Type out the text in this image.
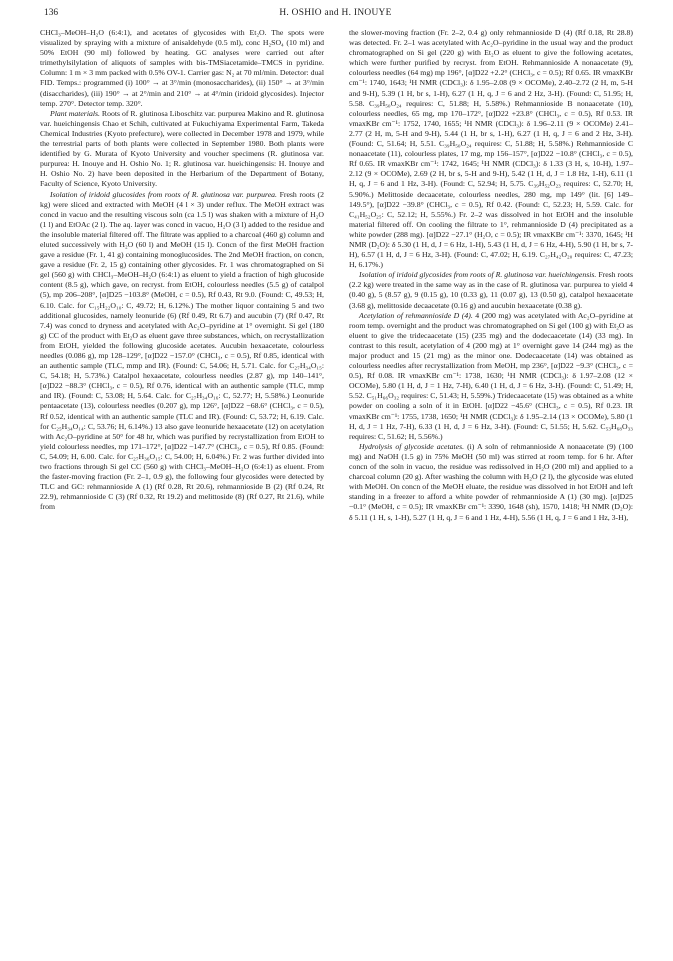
136	H. OSHIO and H. INOUYE

CHCl₃–MeOH–H₂O (6:4:1), and acetates of glycosides with Et₂O. The spots were visualized by spraying with a mixture of anisaldehyde (0.5 ml), conc H₂SO₄ (10 ml) and 50% EtOH (90 ml) followed by heating. GC analyses were carried out after trimethylsilylation of aliquots of samples with bis-TMSiacetamide–TMCS in pyridine. Column: 1 m × 3 mm packed with 0.5% OV-1. Carrier gas: N₂ at 70 ml/min. Detector: dual FID. Temps.: programmed (i) 100° → at 3°/min (monosaccharides), (ii) 150° → at 3°/min (disaccharides), (iii) 190° → at 2°/min and 210° → at 4°/min (iridoid glycosides). Injector temp. 270°. Detector temp. 320°.

Plant materials. Roots of R. glutinosa Liboschitz var. purpurea Makino and R. glutinosa var. hueichingensis Chao et Schih, cultivated at Fukuchiyama Experimental Farm, Takeda Chemical Industries (Kyoto prefecture), were collected in December 1978 and 1979, while the terrestrial parts of both plants were collected in September 1980. Both plants were identified by G. Murata of Kyoto University and voucher specimens (R. glutinosa var. purpurea: H. Inouye and H. Oshio No. 1; R. glutinosa var. hueichingensis: H. Inouye and H. Oshio No. 2) have been deposited in the Herbarium of the Department of Botany, Faculty of Science, Kyoto University.

Isolation of iridoid glucosides from roots of R. glutinosa var. purpurea. Fresh roots (2 kg) were sliced and extracted with MeOH (4 l × 3) under reflux. The MeOH extract was concd in vacuo and the resulting viscous soln (ca 1.5 l) was shaken with a mixture of H₂O (1 l) and EtOAc (2 l). The aq. layer was concd in vacuo, H₂O (3 l) added to the residue and the insoluble material filtered off. The filtrate was applied to a charcoal (460 g) column and eluted successively with H₂O (60 l) and MeOH (15 l). Concn of the first MeOH fraction gave a residue (Fr. 1, 41 g) containing monoglucosides. The 2nd MeOH fraction, on concn, gave a residue (Fr. 2, 15 g) containing other glycosides. Fr. 1 was chromatographed on Si gel (560 g) with CHCl₃–MeOH–H₂O (6:4:1) as eluent to yield a fraction of high glucoside content (8.5 g), which gave, on recryst. from EtOH, colourless needles (5.5 g) of catalpol (5), mp 206–208°, [α]D25 −103.8° (MeOH, c = 0.5), Rf 0.43, Rt 9.0. (Found: C, 49.53; H, 6.10. Calc. for C₁₅H₂₂O₁₀: C, 49.72; H, 6.12%.) The mother liquor containing 5 and two additional glucosides, namely leonuride (6) (Rf 0.49, Rt 6.7) and aucubin (7) (Rf 0.47, Rt 7.4) was concd to dryness and acetylated with Ac₂O–pyridine at 1° overnight. Si gel (180 g) CC of the product with Et₂O as eluent gave three substances, which, on recrystallization from EtOH, yielded the following glucoside acetates. Aucubin hexaacetate, colourless needles (0.086 g), mp 128–129°, [α]D22 −157.0° (CHCl₃, c = 0.5), Rf 0.85, identical with an authentic sample (TLC, mmp and IR). (Found: C, 54.06; H, 5.71. Calc. for C₂₇H₃₄O₁₅: C, 54.18; H, 5.73%.) Catalpol hexaacetate, colourless needles (2.87 g), mp 140–141°, [α]D22 −88.3° (CHCl₃, c = 0.5), Rf 0.76, identical with an authentic sample (TLC, mmp and IR). (Found: C, 53.08; H, 5.64. Calc. for C₂₇H₃₄O₁₆: C, 52.77; H, 5.58%.) Leonuride pentaacetate (13), colourless needles (0.207 g), mp 126°, [α]D22 −68.6° (CHCl₃, c = 0.5), Rf 0.52, identical with an authentic sample (TLC and IR). (Found: C, 53.72; H, 6.19. Calc. for C₂₅H₃₄O₁₄: C, 53.76; H, 6.14%.) 13 also gave leonuride hexaacetate (12) on acetylation with Ac₂O–pyridine at 50° for 48 hr, which was purified by recrystallization from EtOH to yield colourless needles, mp 171–172°, [α]D22 −147.7° (CHCl₃, c = 0.5), Rf 0.85. (Found: C, 54.09; H, 6.00. Calc. for C₂₇H₃₆O₁₅: C, 54.00; H, 6.04%.) Fr. 2 was further divided into two fractions through Si gel CC (560 g) with CHCl₃–MeOH–H₂O (6:4:1) as eluent. From the faster-moving fraction (Fr. 2–1, 0.9 g), the following four glycosides were detected by TLC and GC: rehmannioside A (1) (Rf 0.28, Rt 20.6), rehmannioside B (2) (Rf 0.24, Rt 22.9), rehmannioside C (3) (Rf 0.32, Rt 19.2) and melittoside (8) (Rf 0.27, Rt 21.6), while from

the slower-moving fraction (Fr. 2–2, 0.4 g) only rehmannioside D (4) (Rf 0.18, Rt 28.8) was detected. Fr. 2–1 was acetylated with Ac₂O–pyridine in the usual way and the product chromatographed on Si gel (220 g) with Et₂O as eluent to give the following acetates, which were further purified by recryst. from EtOH. Rehmannioside A nonaacetate (9), colourless needles (64 mg) mp 196°, [α]D22 +2.2° (CHCl₃, c = 0.5); Rf 0.65. IR νmaxKBr cm⁻¹: 1740, 1643; ¹H NMR (CDCl₃): δ 1.95–2.08 (9 × OCOMe), 2.40–2.72 (2 H, m, 5-H and 9-H), 5.39 (1 H, br s, 1-H), 6.27 (1 H, q, J = 6 and 2 Hz, 3-H). (Found: C, 51.95; H, 5.58. C₃₉H₅₀O₂₄ requires: C, 51.88; H, 5.58%.) Rehmannioside B nonaacetate (10), colourless needles, 65 mg, mp 170–172°, [α]D22 +23.8° (CHCl₃, c = 0.5), Rf 0.53. IR νmaxKBr cm⁻¹: 1752, 1740, 1655; ¹H NMR (CDCl₃): δ 1.96–2.11 (9 × OCOMe) 2.41–2.77 (2 H, m, 5-H and 9-H), 5.44 (1 H, br s, 1-H), 6.27 (1 H, q, J = 6 and 2 Hz, 3-H). (Found: C, 51.64; H, 5.51. C₃₉H₅₀O₂₄ requires: C, 51.88; H, 5.58%.) Rehmannioside C nonaacetate (11), colourless plates, 17 mg, mp 156–157°, [α]D22 −10.8° (CHCl₃, c = 0.5), Rf 0.65. IR νmaxKBr cm⁻¹: 1742, 1645; ¹H NMR (CDCl₃): δ 1.33 (3 H, s, 10-H), 1.97–2.12 (9 × OCOMe), 2.69 (2 H, br s, 5-H and 9-H), 5.42 (1 H, d, J = 1.8 Hz, 1-H), 6.11 (1 H, q, J = 6 and 1 Hz, 3-H). (Found: C, 52.94; H, 5.75. C₃₉H₅₂O₂₃ requires: C, 52.70; H, 5.90%.) Melittoside decaacetate, colourless needles, 280 mg, mp 149° (lit. [6] 149–149.5°), [α]D22 −39.8° (CHCl₃, c = 0.5), Rf 0.42. (Found: C, 52.23; H, 5.59. Calc. for C₄₁H₅₂O₂₅: C, 52.12; H, 5.55%.) Fr. 2–2 was dissolved in hot EtOH and the insoluble material filtered off. On cooling the filtrate to 1°, rehmannioside D (4) precipitated as a white powder (288 mg). [α]D22 −27.1° (H₂O, c = 0.5); IR νmaxKBr cm⁻¹: 3370, 1645; ¹H NMR (D₂O): δ 5.30 (1 H, d, J = 6 Hz, 1-H), 5.43 (1 H, d, J = 6 Hz, 4-H), 5.90 (1 H, br s, 7-H), 6.57 (1 H, d, J = 6 Hz, 3-H). (Found: C, 47.02; H, 6.19. C₂₇H₄₂O₂₀ requires: C, 47.23; H, 6.17%.)

Isolation of iridoid glycosides from roots of R. glutinosa var. hueichingensis. Fresh roots (2.2 kg) were treated in the same way as in the case of R. glutinosa var. purpurea to yield 4 (0.40 g), 5 (8.57 g), 9 (0.15 g), 10 (0.33 g), 11 (0.07 g), 13 (0.50 g), catalpol hexaacetate (3.68 g), melittoside decaacetate (0.16 g) and aucubin hexaacetate (0.38 g).

Acetylation of rehmannioside D (4). 4 (200 mg) was acetylated with Ac₂O–pyridine at room temp. overnight and the product was chromatographed on Si gel (100 g) with Et₂O as eluent to give the tridecaacetate (15) (235 mg) and the dodecaacetate (14) (33 mg). In contrast to this result, acetylation of 4 (200 mg) at 1° overnight gave 14 (244 mg) as the major product and 15 (21 mg) as the minor one. Dodecaacetate (14) was obtained as colourless needles after recrystallization from MeOH, mp 236°, [α]D22 −9.3° (CHCl₃, c = 0.5), Rf 0.08. IR νmaxKBr cm⁻¹: 1738, 1630; ¹H NMR (CDCl₃): δ 1.97–2.08 (12 × OCOMe), 5.80 (1 H, d, J = 1 Hz, 7-H), 6.40 (1 H, d, J = 6 Hz, 3-H). (Found: C, 51.49; H, 5.52. C₅₁H₆₆O₃₂ requires: C, 51.43; H, 5.59%.) Tridecaacetate (15) was obtained as a white powder on cooling a soln of it in EtOH. [α]D22 −45.6° (CHCl₃, c = 0.5), Rf 0.23. IR νmaxKBr cm⁻¹: 1755, 1738, 1650; ¹H NMR (CDCl₃): δ 1.95–2.14 (13 × OCOMe), 5.80 (1 H, d, J = 1 Hz, 7-H), 6.33 (1 H, d, J = 6 Hz, 3-H). (Found: C, 51.55; H, 5.62. C₅₃H₆₈O₃₃ requires: C, 51.62; H, 5.56%.)

Hydrolysis of glycoside acetates. (i) A soln of rehmannioside A nonaacetate (9) (100 mg) and NaOH (1.5 g) in 75% MeOH (50 ml) was stirred at room temp. for 6 hr. After concn of the soln in vacuo, the residue was redissolved in H₂O (200 ml) and applied to a charcoal column (20 g). After washing the column with H₂O (2 l), the glycoside was eluted with MeOH. On concn of the MeOH eluate, the residue was dissolved in hot EtOH and left standing in a freezer to afford a white powder of rehmannioside A (1) (30 mg). [α]D25 −0.1° (MeOH, c = 0.5); IR νmaxKBr cm⁻¹: 3390, 1648 (sh), 1570, 1418; ¹H NMR (D₂O): δ 5.11 (1 H, s, 1-H), 5.27 (1 H, q, J = 6 and 1 Hz, 4-H), 5.56 (1 H, q, J = 6 and 1 Hz, 3-H),
